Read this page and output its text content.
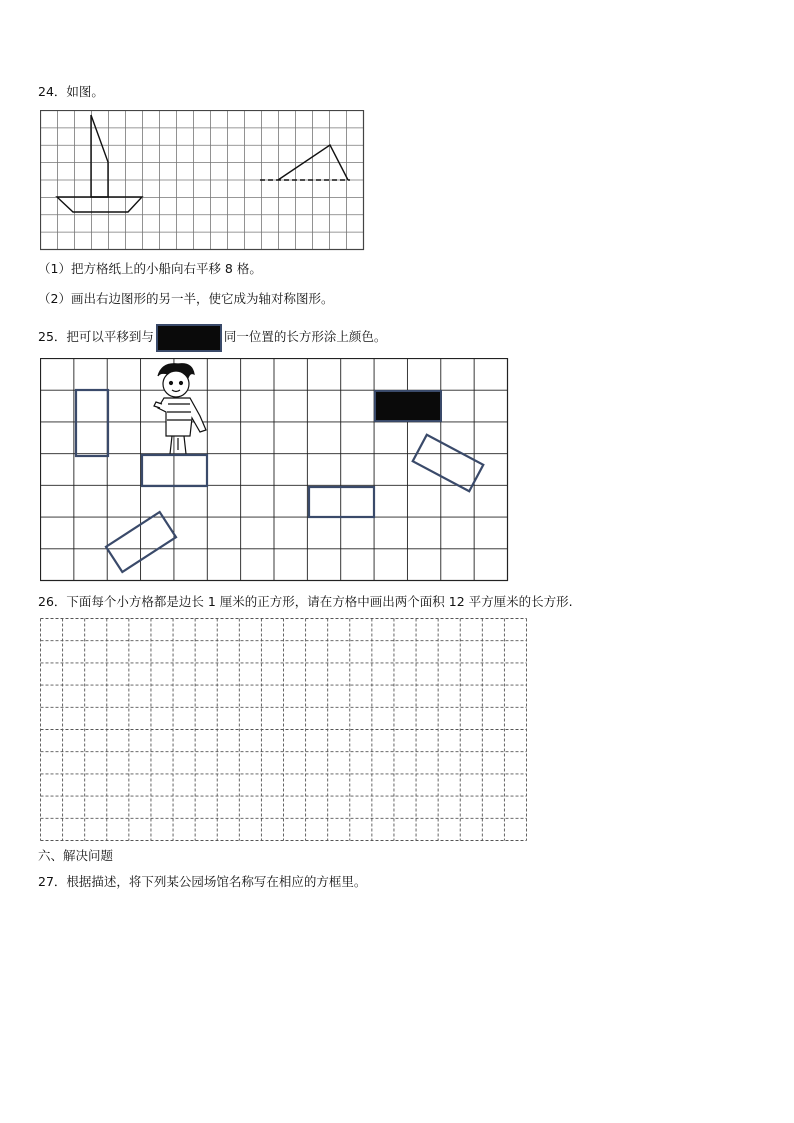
24．如图。
（1）把方格纸上的小船向右平移 8 格。
（2）画出右边图形的另一半，使它成为轴对称图形。
25．把可以平移到与	同一位置的长方形涂上颜色。
26．下面每个小方格都是边长 1 厘米的正方形，请在方格中画出两个面积 12 平方厘米的长方形.
六、解决问题
27．根据描述，将下列某公园场馆名称写在相应的方框里。
